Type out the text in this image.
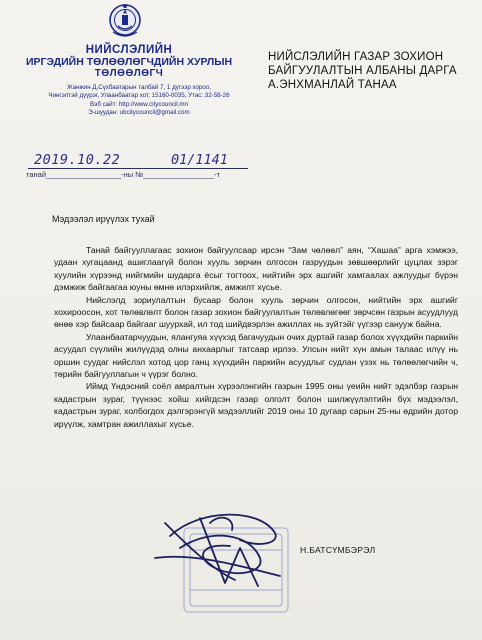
НИЙСЛЭЛИЙН
ИРГЭДИЙН ТӨЛӨӨЛӨГЧДИЙН ХУРЛЫН
ТӨЛӨӨЛӨГЧ
Жанжин Д.Сүхбаатарын талбай 7, 1 дүгээр хороо,
Чингэлтэй дүүрэг, Улаанбаатар хот, 15160-0035, Утас: 32-58-26
Вэб сайт: http://www.citycouncil.mn
Э-шуудан: ubcitycouncil@gmail.com
НИЙСЛЭЛИЙН ГАЗАР ЗОХИОН
БАЙГУУЛАЛТЫН АЛБАНЫ ДАРГА
А.ЭНХМАНЛАЙ ТАНАА
2019.10.22	01/1141
танай__________________-ны №_________________-т
Мэдээлэл ирүүлэх тухай

Танай байгууллагаас зохион байгуулсаар ирсэн “Зам чөлөөл” аян, “Хашаа” арга хэмжээ, удаан хугацаанд ашиглаагүй болон хууль зөрчин олгосон газруудын зөвшөөрлийг цуцлах зэрэг хуулийн хүрээнд нийгмийн шударга ёсыг тогтоох, нийтийн эрх ашгийг хамгаалах ажлуудыг бүрэн дэмжиж байгаагаа юуны өмнө илэрхийлж, амжилт хүсье.

Нийслэлд зориулалтын бусаар болон хууль зөрчин олгосон, нийтийн эрх ашгийг хохироосон, хот төлөвлөлт болон газар зохион байгуулалтын төлөвлөгөөг зөрчсөн газрын асуудлууд өнөө хэр байсаар байгааг шуурхай, ил тод шийдвэрлэн ажиллах нь зүйтэйг үүгээр санууж байна.

Улаанбаатарчуудын, ялангуяа хүүхэд багачуудын очих дуртай газар болох хүүхдийн паркийн асуудал сүүлийн жилүүдэд олны анхаарлыг татсаар ирлээ. Улсын нийт хүн амын талаас илүү нь оршин суудаг нийслэл хотод цор ганц хүүхдийн паркийн асуудлыг судлан үзэх нь төлөөлөгчийн ч, төрийн байгууллагын ч үүрэг болно.

Иймд Үндэсний соёл амралтын хүрээлэнгийн газрын 1995 оны үеийн нийт эдэлбэр газрын кадастрын зураг, түүнээс хойш хийгдсэн газар олголт болон шилжүүлэлтийн бүх мэдээлэл, кадастрын зураг, холбогдох дэлгэрэнгүй мэдээллийг 2019 оны 10 дугаар сарын 25-ны өдрийн дотор ирүүлж, хамтран ажиллахыг хүсье.

Н.БАТСҮМБЭРЭЛ
